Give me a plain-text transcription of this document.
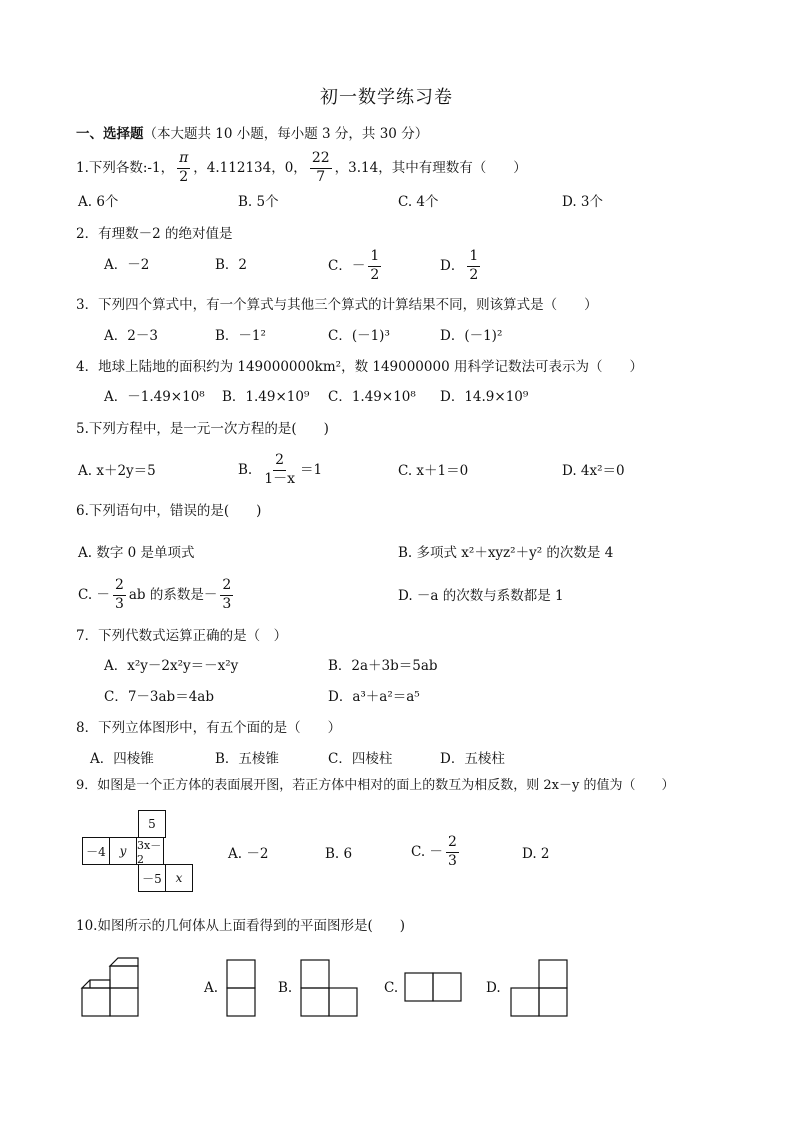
初一数学练习卷
一、选择题（本大题共 10 小题，每小题 3 分，共 30 分）
1.下列各数:-1， $\frac{\pi}{2}$ ，4.112134，0， $\frac{22}{7}$ ，3.14，其中有理数有（　　）
A. 6个	B. 5个	C. 4个	D. 3个
2．有理数－2 的绝对值是
A．－2	B．2	C．－ $\frac{1}{2}$	D． $\frac{1}{2}$
3．下列四个算式中，有一个算式与其他三个算式的计算结果不同，则该算式是（　　）
A．2－3	B．－1²	C．(－1)³	D．(－1)²
4．地球上陆地的面积约为 149000000km²，数 149000000 用科学记数法可表示为（　　）
A．－1.49×10⁸ B．1.49×10⁹ C．1.49×10⁸ D．14.9×10⁹
5.下列方程中，是一元一次方程的是(　　)
A. x＋2y＝5	B. $\frac{2}{1-x} =1$	C. x＋1＝0	D. 4x²＝0
6.下列语句中，错误的是(　　)
A. 数字 0 是单项式	B. 多项式 x²＋xyz²＋y² 的次数是 4
C. － $\frac{2}{3}$ ab 的系数是－ $\frac{2}{3}$	D. －a 的次数与系数都是 1
7．下列代数式运算正确的是（　）
A．x²y－2x²y＝－x²y	B．2a＋3b＝5ab
C．7－3ab＝4ab	D．a³＋a²＝a⁵
8．下列立体图形中，有五个面的是（　　）
A．四棱锥	B．五棱锥	C．四棱柱	D．五棱柱
9．如图是一个正方体的表面展开图，若正方体中相对的面上的数互为相反数，则 2x－y 的值为（　　）
5
－4	y 3x－2
－5	x
A. －2	B. 6	C. － $\frac{2}{3}$	D. 2
10.如图所示的几何体从上面看得到的平面图形是(　　)
A.	B.	C.	D.
